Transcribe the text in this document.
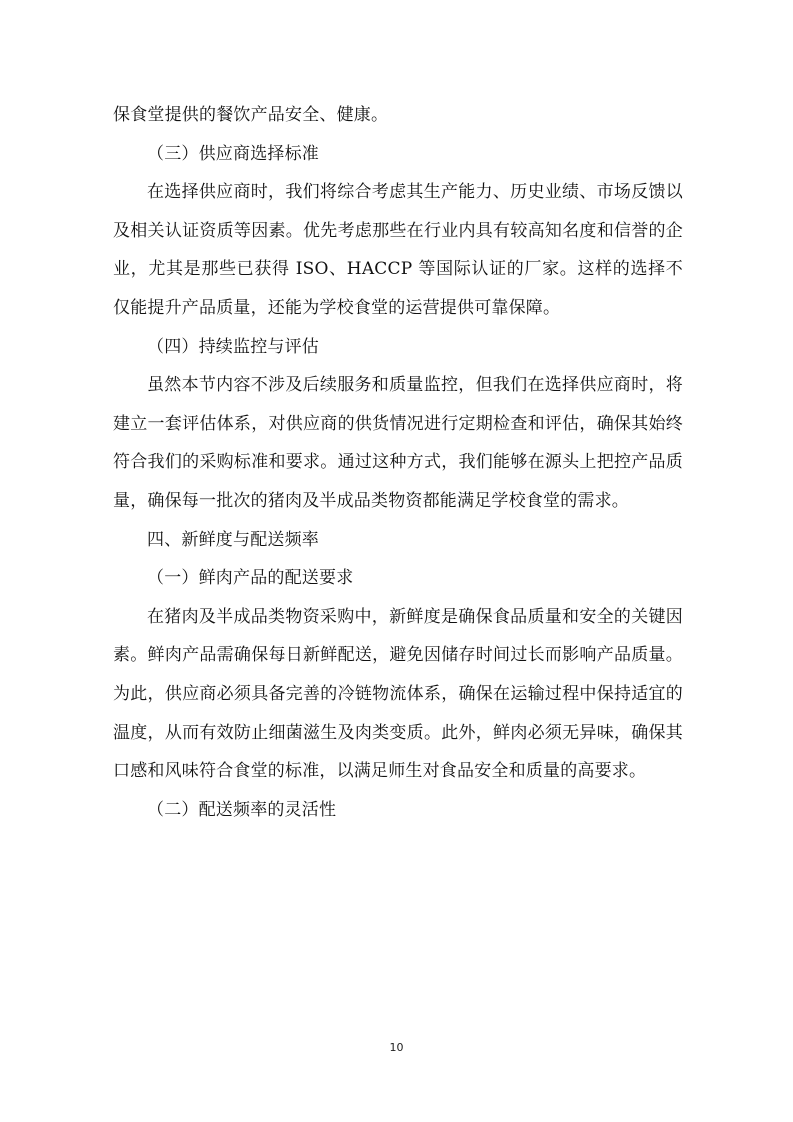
保食堂提供的餐饮产品安全、健康。

（三）供应商选择标准

在选择供应商时，我们将综合考虑其生产能力、历史业绩、市场反馈以及相关认证资质等因素。优先考虑那些在行业内具有较高知名度和信誉的企业，尤其是那些已获得 ISO、HACCP 等国际认证的厂家。这样的选择不仅能提升产品质量，还能为学校食堂的运营提供可靠保障。

（四）持续监控与评估

虽然本节内容不涉及后续服务和质量监控，但我们在选择供应商时，将建立一套评估体系，对供应商的供货情况进行定期检查和评估，确保其始终符合我们的采购标准和要求。通过这种方式，我们能够在源头上把控产品质量，确保每一批次的猪肉及半成品类物资都能满足学校食堂的需求。

四、新鲜度与配送频率

（一）鲜肉产品的配送要求

在猪肉及半成品类物资采购中，新鲜度是确保食品质量和安全的关键因素。鲜肉产品需确保每日新鲜配送，避免因储存时间过长而影响产品质量。为此，供应商必须具备完善的冷链物流体系，确保在运输过程中保持适宜的温度，从而有效防止细菌滋生及肉类变质。此外，鲜肉必须无异味，确保其口感和风味符合食堂的标准，以满足师生对食品安全和质量的高要求。

（二）配送频率的灵活性

10
